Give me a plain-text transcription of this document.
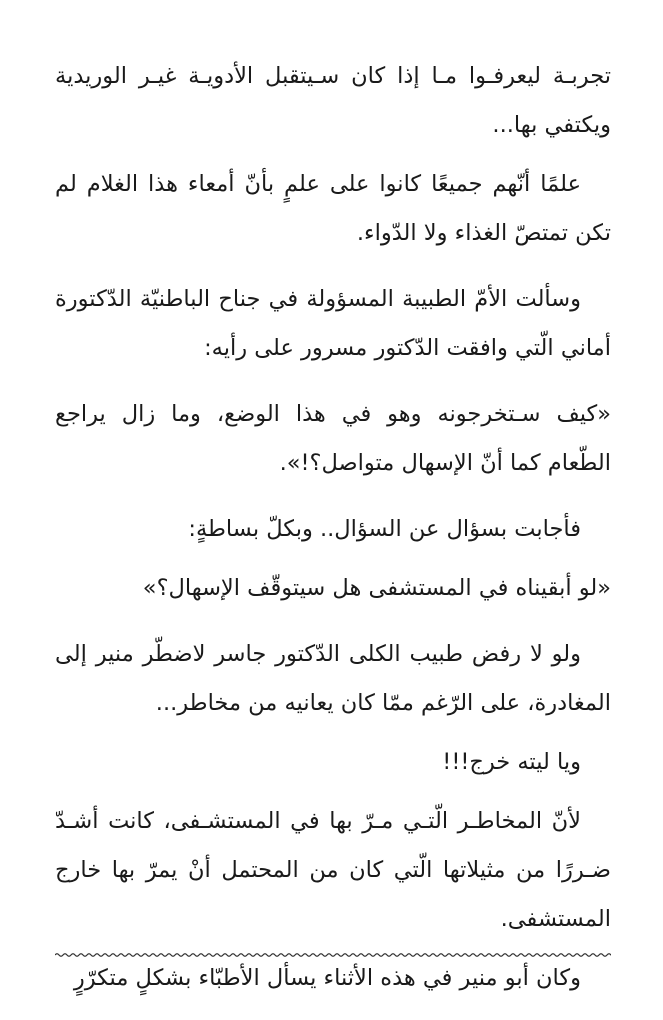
تجربـة ليعرفـوا مـا إذا كان سـيتقبل الأدويـة غيـر الوريدية ويكتفي بها...

علمًا أنّهم جميعًا كانوا على علمٍ بأنّ أمعاء هذا الغلام لم تكن تمتصّ الغذاء ولا الدّواء.

وسألت الأمّ الطبيبة المسؤولة في جناح الباطنيّة الدّكتورة أماني الّتي وافقت الدّكتور مسرور على رأيه:

«كيف سـتخرجونه وهو في هذا الوضع، وما زال يراجع الطّعام كما أنّ الإسهال متواصل؟!».

فأجابت بسؤال عن السؤال.. وبكلّ بساطةٍ:

«لو أبقيناه في المستشفى هل سيتوقّف الإسهال؟»

ولو لا رفض طبيب الكلى الدّكتور جاسر لاضطّر منير إلى المغادرة، على الرّغم ممّا كان يعانيه من مخاطر...

ويا ليته خرج!!!

لأنّ المخاطـر الّتـي مـرّ بها في المستشـفى، كانت أشـدّ ضـررًا من مثيلاتها الّتي كان من المحتمل أنْ يمرّ بها خارج المستشفى.

وكان أبو منير في هذه الأثناء يسأل الأطبّاء بشكلٍ متكرّرٍ
